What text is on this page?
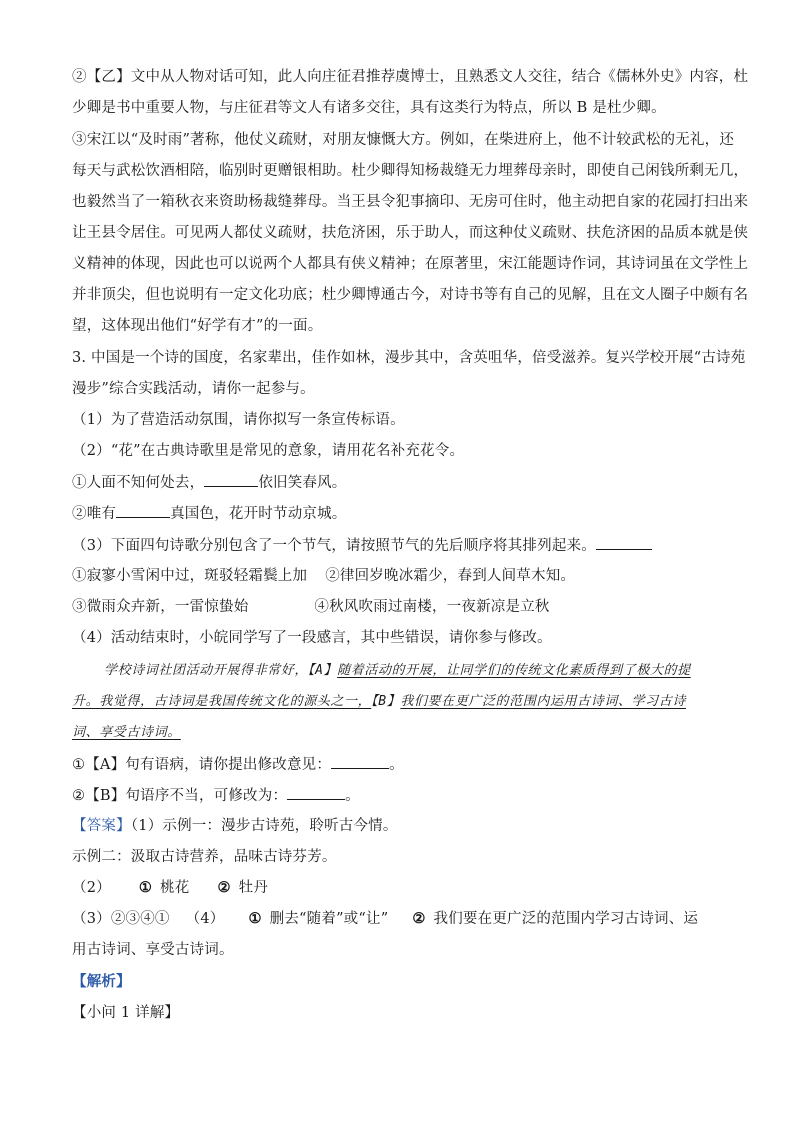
②【乙】文中从人物对话可知，此人向庄征君推荐虞博士，且熟悉文人交往，结合《儒林外史》内容，杜
少卿是书中重要人物，与庄征君等文人有诸多交往，具有这类行为特点，所以 B 是杜少卿。
③宋江以“及时雨”著称，他仗义疏财，对朋友慷慨大方。例如，在柴进府上，他不计较武松的无礼，还
每天与武松饮酒相陪，临别时更赠银相助。杜少卿得知杨裁缝无力埋葬母亲时，即使自己闲钱所剩无几，
也毅然当了一箱秋衣来资助杨裁缝葬母。当王县令犯事摘印、无房可住时，他主动把自家的花园打扫出来
让王县令居住。可见两人都仗义疏财，扶危济困，乐于助人，而这种仗义疏财、扶危济困的品质本就是侠
义精神的体现，因此也可以说两个人都具有侠义精神；在原著里，宋江能题诗作词，其诗词虽在文学性上
并非顶尖，但也说明有一定文化功底；杜少卿博通古今，对诗书等有自己的见解，且在文人圈子中颇有名
望，这体现出他们“好学有才”的一面。
3. 中国是一个诗的国度，名家辈出，佳作如林，漫步其中，含英咀华，倍受滋养。复兴学校开展“古诗苑
漫步”综合实践活动，请你一起参与。
（1）为了营造活动氛围，请你拟写一条宣传标语。
（2）“花”在古典诗歌里是常见的意象，请用花名补充花令。
①人面不知何处去，	依旧笑春风。
②唯有	真国色，花开时节动京城。
（3）下面四句诗歌分别包含了一个节气，请按照节气的先后顺序将其排列起来。
①寂寥小雪闲中过，斑驳轻霜鬓上加 ②律回岁晚冰霜少，春到人间草木知。
③微雨众卉新，一雷惊蛰始	④秋风吹雨过南楼，一夜新凉是立秋
（4）活动结束时，小皖同学写了一段感言，其中些错误，请你参与修改。
学校诗词社团活动开展得非常好，【A】随着活动的开展，让同学们的传统文化素质得到了极大的提
升。我觉得，古诗词是我国传统文化的源头之一，【B】我们要在更广泛的范围内运用古诗词、学习古诗
词、享受古诗词。
①【A】句有语病，请你提出修改意见：	。
②【B】句语序不当，可修改为：	。
【答案】（1）示例一：漫步古诗苑，聆听古今情。
示例二：汲取古诗营养，品味古诗芬芳。
（2） ① 桃花 ② 牡丹
（3）②③④① （4） ① 删去“随着”或“让” ② 我们要在更广泛的范围内学习古诗词、运
用古诗词、享受古诗词。
【解析】
【小问 1 详解】
